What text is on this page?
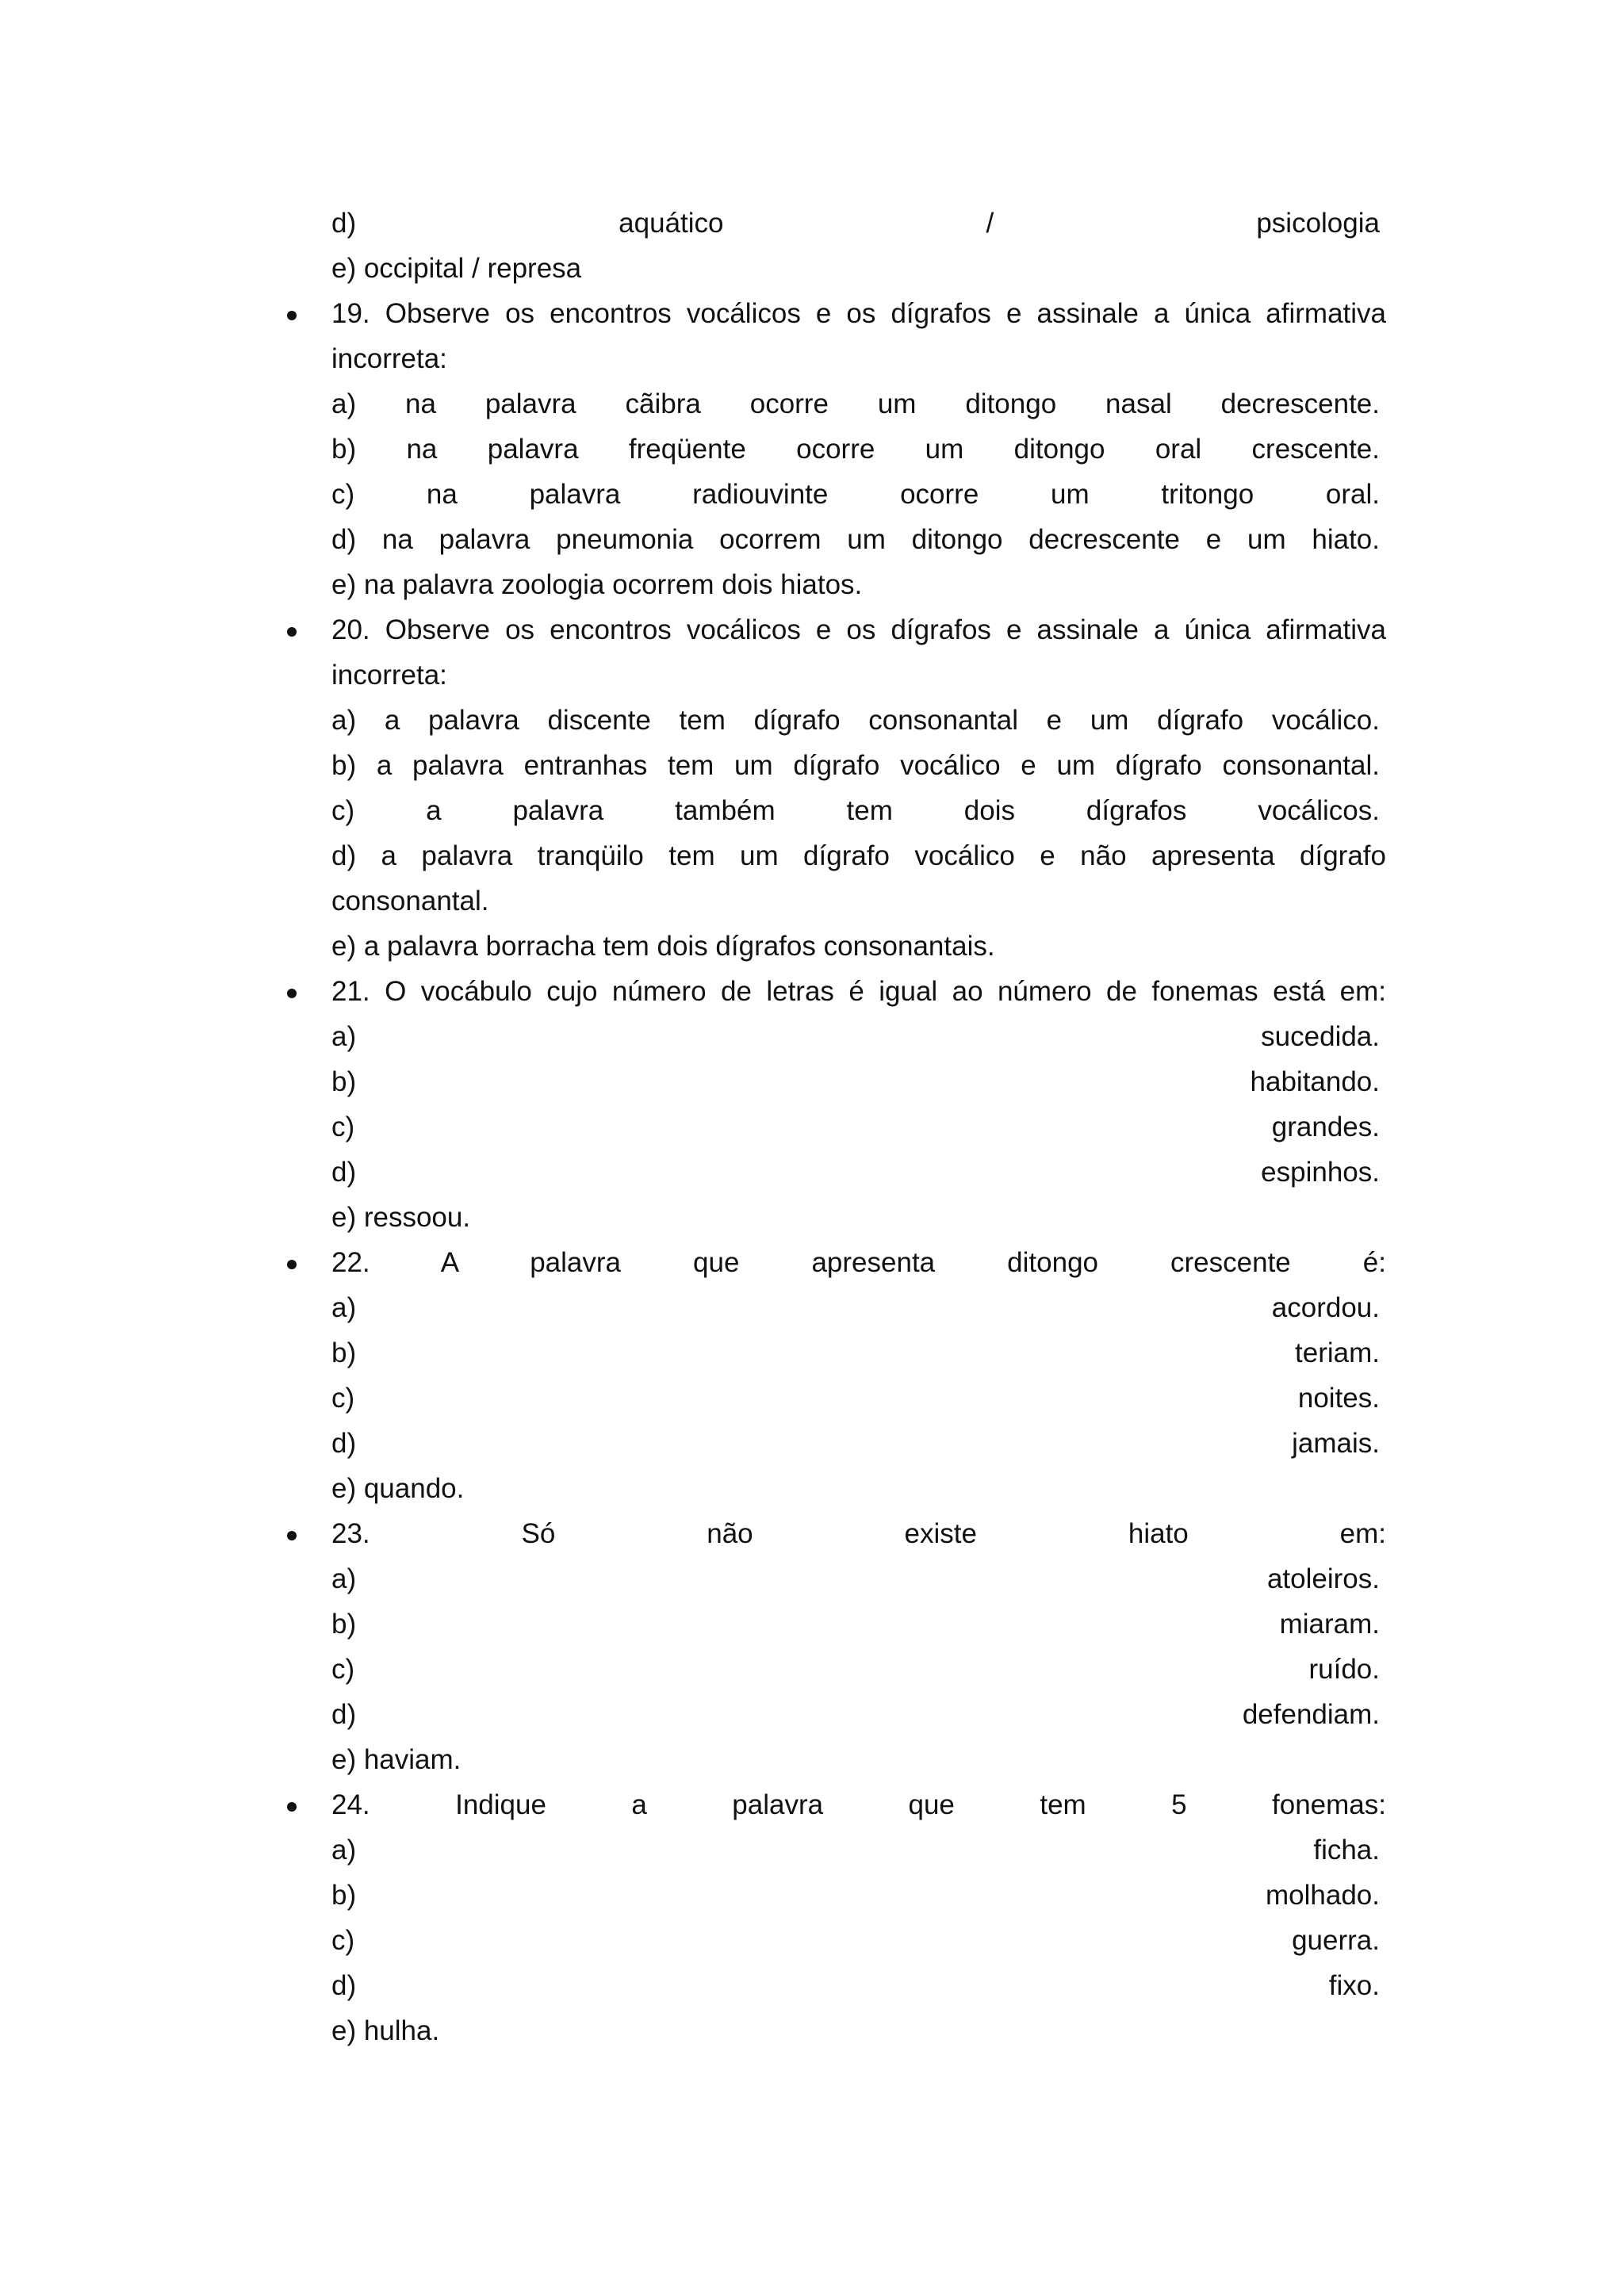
d)	aquático	/	psicologia
e) occipital / represa
19. Observe os encontros vocálicos e os dígrafos e assinale a única afirmativa
incorreta:
a) na palavra cãibra ocorre um ditongo nasal decrescente.
b) na palavra freqüente ocorre um ditongo oral crescente.
c) na palavra radiouvinte ocorre um tritongo oral.
d) na palavra pneumonia ocorrem um ditongo decrescente e um hiato.
e) na palavra zoologia ocorrem dois hiatos.
20. Observe os encontros vocálicos e os dígrafos e assinale a única afirmativa
incorreta:
a) a palavra discente tem dígrafo consonantal e um dígrafo vocálico.
b) a palavra entranhas tem um dígrafo vocálico e um dígrafo consonantal.
c) a palavra também tem dois dígrafos vocálicos.
d) a palavra tranqüilo tem um dígrafo vocálico e não apresenta dígrafo
consonantal.
e) a palavra borracha tem dois dígrafos consonantais.
21. O vocábulo cujo número de letras é igual ao número de fonemas está em:
a)	sucedida.
b)	habitando.
c)	grandes.
d)	espinhos.
e) ressoou.
22. A palavra que apresenta ditongo crescente é:
a)	acordou.
b)	teriam.
c)	noites.
d)	jamais.
e) quando.
23. Só não existe hiato em:
a)	atoleiros.
b)	miaram.
c)	ruído.
d)	defendiam.
e) haviam.
24. Indique a palavra que tem 5 fonemas:
a)	ficha.
b)	molhado.
c)	guerra.
d)	fixo.
e) hulha.
